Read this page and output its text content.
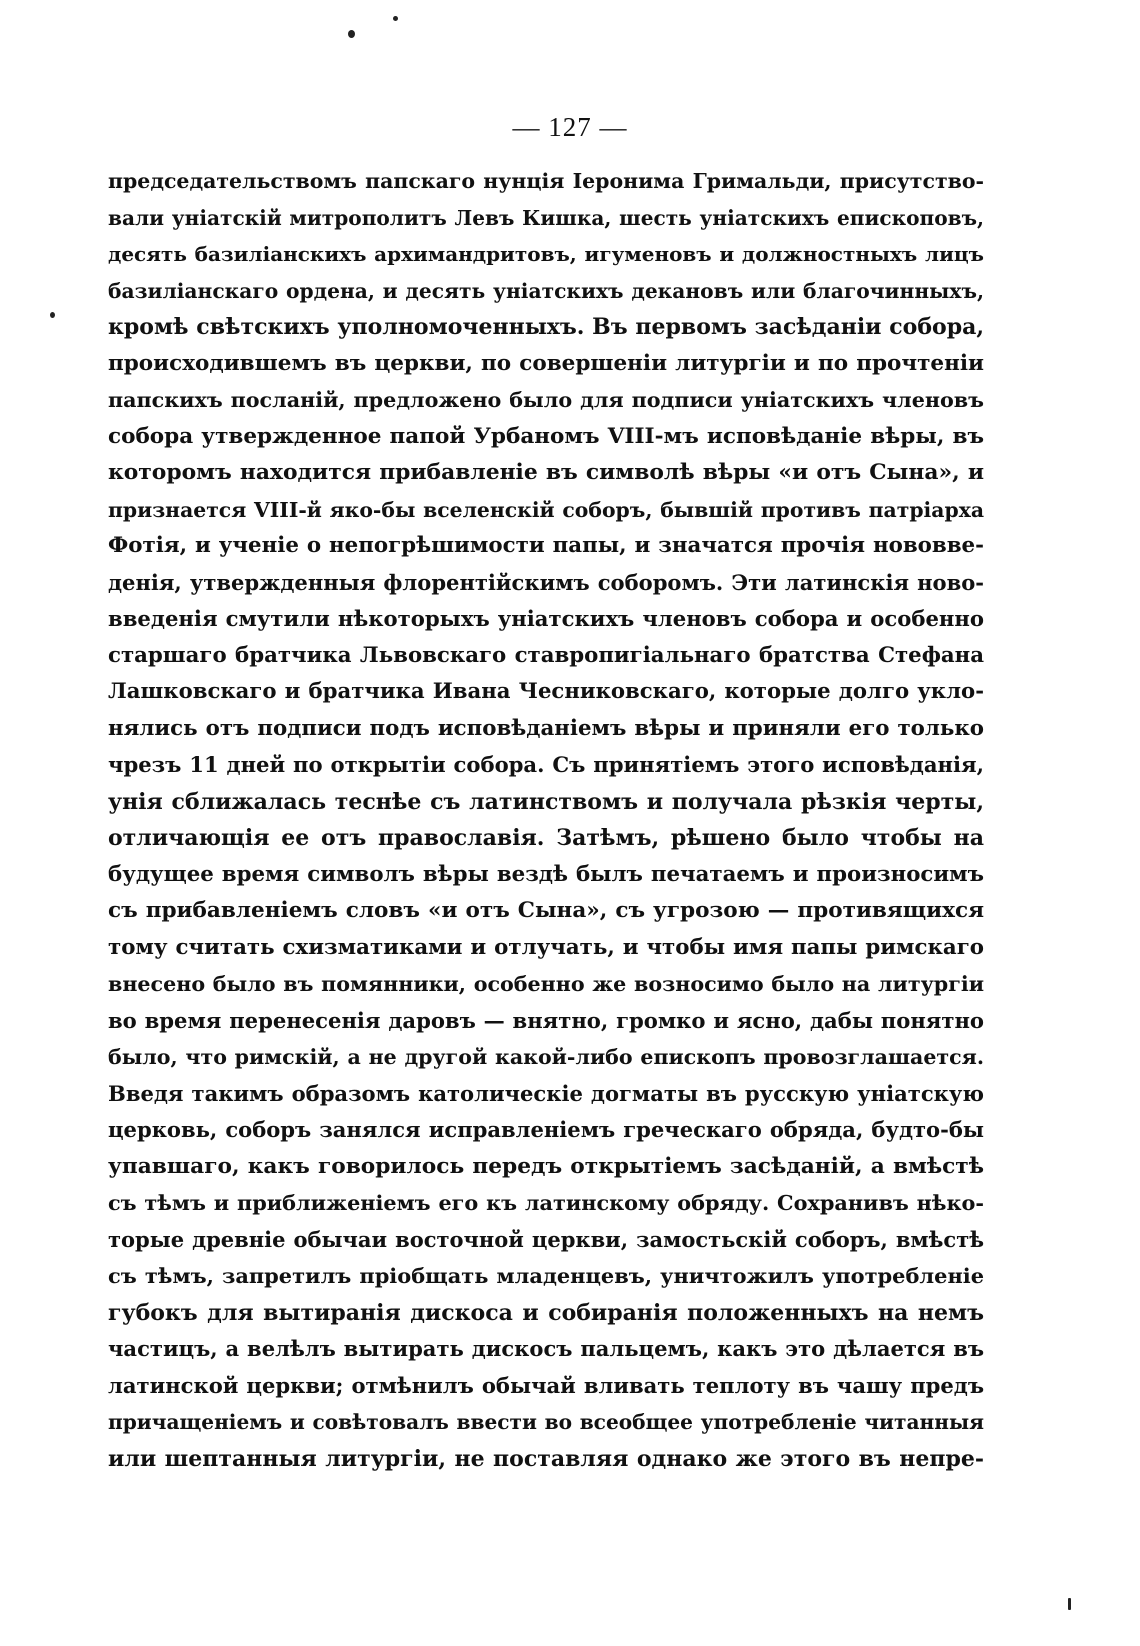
— 127 —
председательствомъ папскаго нунція Іеронима Гримальди, присутство-
вали уніатскій митрополитъ Левъ Кишка, шесть уніатскихъ епископовъ,
десять базиліанскихъ архимандритовъ, игуменовъ и должностныхъ лицъ
базиліанскаго ордена, и десять уніатскихъ декановъ или благочинныхъ,
кромѣ свѣтскихъ уполномоченныхъ. Въ первомъ засѣданіи собора,
происходившемъ въ церкви, по совершеніи литургіи и по прочтеніи
папскихъ посланій, предложено было для подписи уніатскихъ членовъ
собора утвержденное папой Урбаномъ VIII-мъ исповѣданіе вѣры, въ
которомъ находится прибавленіе въ символѣ вѣры «и отъ Сына», и
признается VIII-й яко-бы вселенскій соборъ, бывшій противъ патріарха
Фотія, и ученіе о непогрѣшимости папы, и значатся прочія нововве-
денія, утвержденныя флорентійскимъ соборомъ. Эти латинскія ново-
введенія смутили нѣкоторыхъ уніатскихъ членовъ собора и особенно
старшаго братчика Львовскаго ставропигіальнаго братства Стефана
Лашковскаго и братчика Ивана Чесниковскаго, которые долго укло-
нялись отъ подписи подъ исповѣданіемъ вѣры и приняли его только
чрезъ 11 дней по открытіи собора. Съ принятіемъ этого исповѣданія,
унія сближалась теснѣе съ латинствомъ и получала рѣзкія черты,
отличающія ее отъ православія. Затѣмъ, рѣшено было чтобы на
будущее время символъ вѣры вездѣ былъ печатаемъ и произносимъ
съ прибавленіемъ словъ «и отъ Сына», съ угрозою — противящихся
тому считать схизматиками и отлучать, и чтобы имя папы римскаго
внесено было въ помянники, особенно же возносимо было на литургіи
во время перенесенія даровъ — внятно, громко и ясно, дабы понятно
было, что римскій, а не другой какой-либо епископъ провозглашается.
Введя такимъ образомъ католическіе догматы въ русскую уніатскую
церковь, соборъ занялся исправленіемъ греческаго обряда, будто-бы
упавшаго, какъ говорилось передъ открытіемъ засѣданій, а вмѣстѣ
съ тѣмъ и приближеніемъ его къ латинскому обряду. Сохранивъ нѣко-
торые древніе обычаи восточной церкви, замостьскій соборъ, вмѣстѣ
съ тѣмъ, запретилъ пріобщать младенцевъ, уничтожилъ употребленіе
губокъ для вытиранія дискоса и собиранія положенныхъ на немъ
частицъ, а велѣлъ вытирать дискосъ пальцемъ, какъ это дѣлается въ
латинской церкви; отмѣнилъ обычай вливать теплоту въ чашу предъ
причащеніемъ и совѣтовалъ ввести во всеобщее употребленіе читанныя
или шептанныя литургіи, не поставляя однако же этого въ непре-
